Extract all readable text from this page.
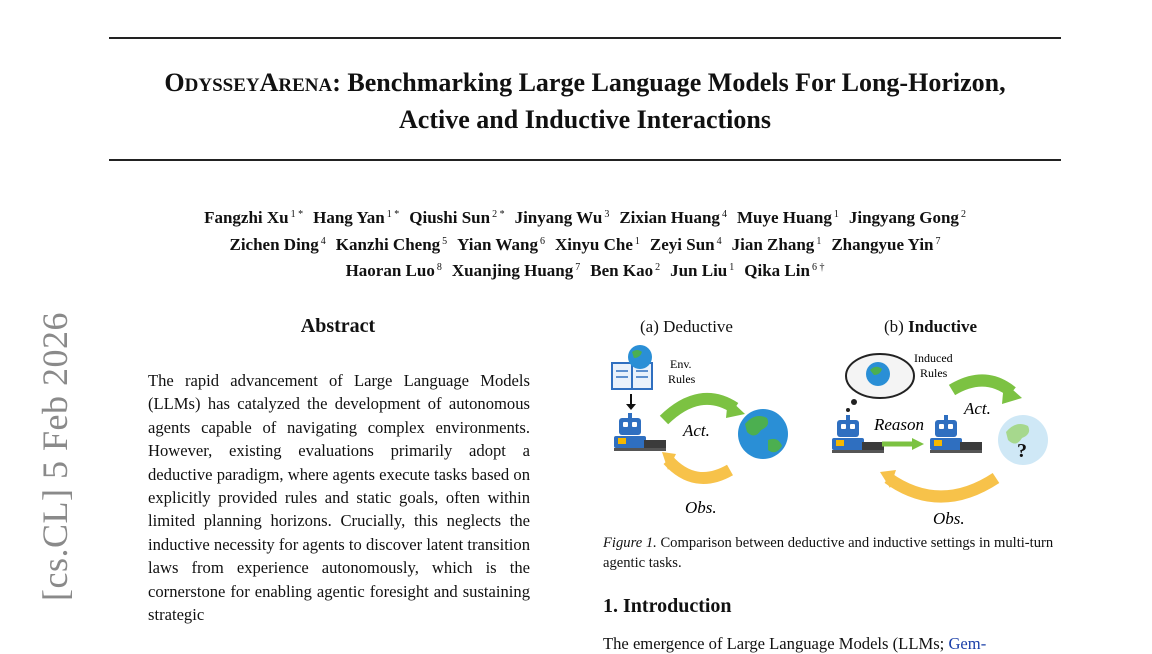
ODYSSEYARENA: Benchmarking Large Language Models For Long-Horizon,
Active and Inductive Interactions
Fangzhi Xu $^{1 *}$ Hang Yan $^{1 *}$ Qiushi Sun $^{2 *}$ Jinyang Wu $^3$ Zixian Huang $^4$ Muye Huang $^1$ Jingyang Gong $^2$
Zichen Ding $^4$ Kanzhi Cheng $^5$ Yian Wang $^6$ Xinyu Che $^1$ Zeyi Sun $^4$ Jian Zhang $^1$ Zhangyue Yin $^7$
Haoran Luo $^8$ Xuanjing Huang $^7$ Ben Kao $^2$ Jun Liu $^1$ Qika Lin $^{6 \dagger}$
[cs.CL] 5 Feb 2026	Abstract
The rapid advancement of Large Language Models (LLMs) has catalyzed the development of autonomous agents capable of navigating complex environments. However, existing evaluations primarily adopt a deductive paradigm, where agents execute tasks based on explicitly provided rules and static goals, often within limited planning horizons. Crucially, this neglects the inductive necessity for agents to discover latent transition laws from experience autonomously, which is the cornerstone for enabling agentic foresight and sustaining strategic
(a) Deductive	(b) Inductive
Env.
Rules
Act.
Obs.
Induced
Rules
Reason
Act.
?
Obs.
Figure 1. Comparison between deductive and inductive settings in multi-turn agentic tasks.
1. Introduction
The emergence of Large Language Models (LLMs; Gem-
